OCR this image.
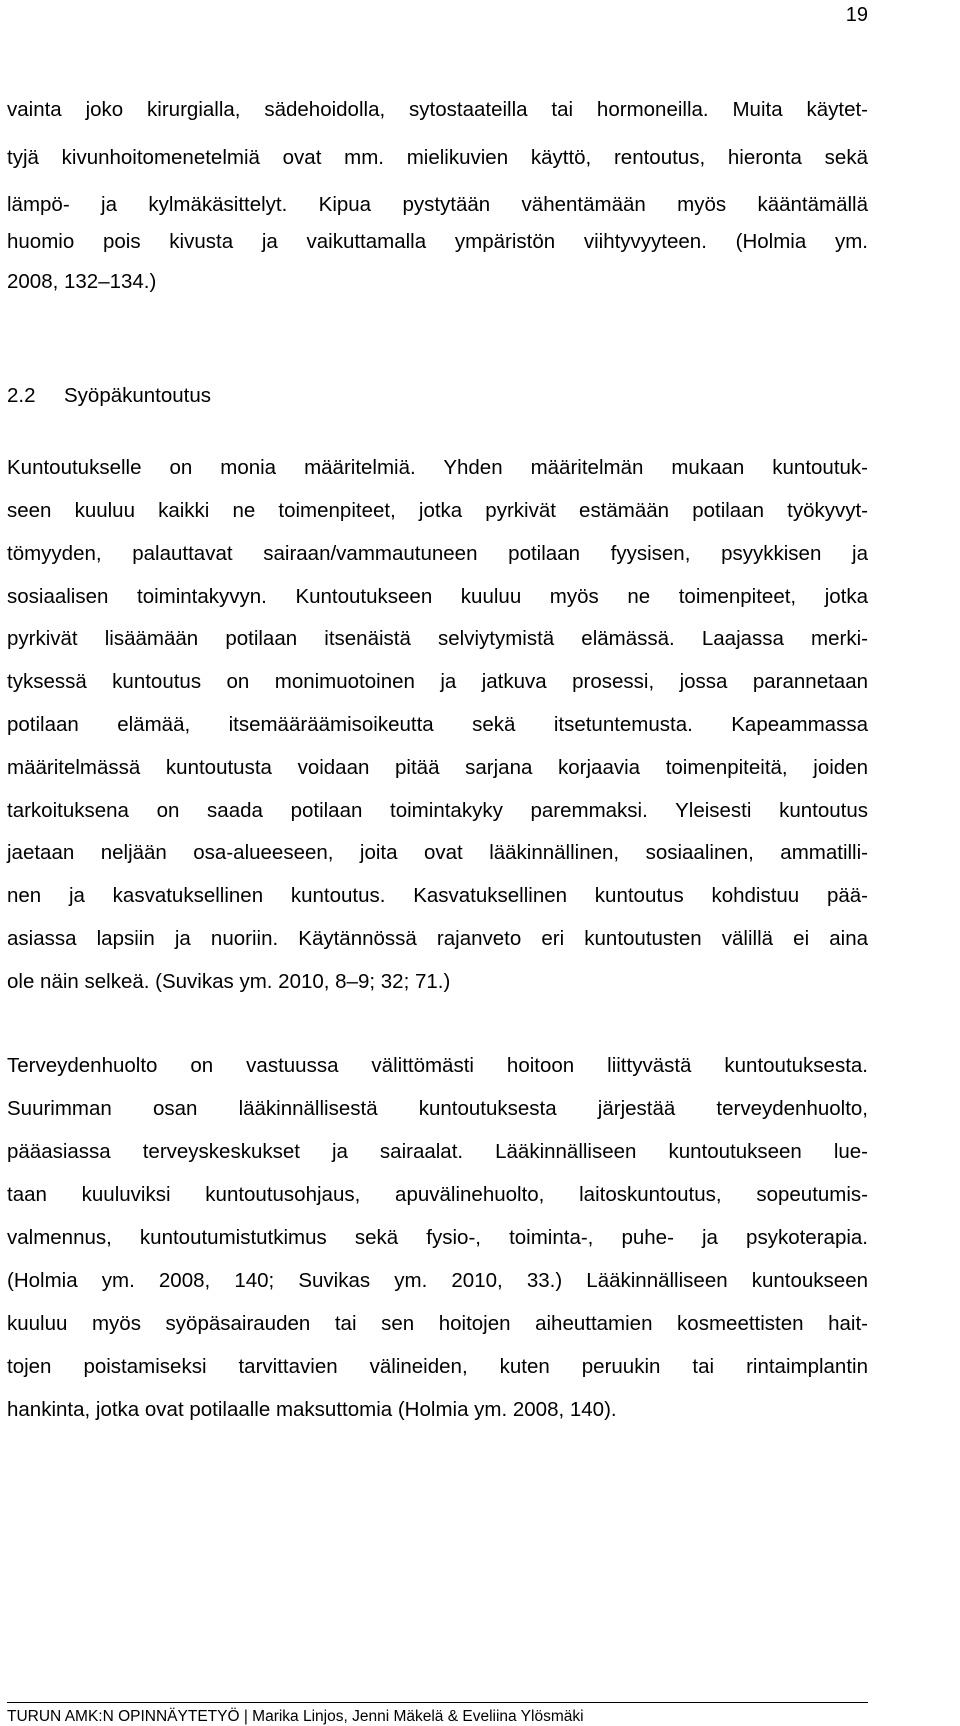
19
vainta joko kirurgialla, sädehoidolla, sytostaateilla tai hormoneilla. Muita käytet-
tyjä kivunhoitomenetelmiä ovat mm. mielikuvien käyttö, rentoutus, hieronta sekä
lämpö- ja kylmäkäsittelyt. Kipua pystytään vähentämään myös kääntämällä
huomio pois kivusta ja vaikuttamalla ympäristön viihtyvyyteen. (Holmia ym.
2008, 132–134.)
2.2 Syöpäkuntoutus
Kuntoutukselle on monia määritelmiä. Yhden määritelmän mukaan kuntoutuk-
seen kuuluu kaikki ne toimenpiteet, jotka pyrkivät estämään potilaan työkyvyt-
tömyyden, palauttavat sairaan/vammautuneen potilaan fyysisen, psyykkisen ja
sosiaalisen toimintakyvyn. Kuntoutukseen kuuluu myös ne toimenpiteet, jotka
pyrkivät lisäämään potilaan itsenäistä selviytymistä elämässä. Laajassa merki-
tyksessä kuntoutus on monimuotoinen ja jatkuva prosessi, jossa parannetaan
potilaan elämää, itsemääräämisoikeutta sekä itsetuntemusta. Kapeammassa
määritelmässä kuntoutusta voidaan pitää sarjana korjaavia toimenpiteitä, joiden
tarkoituksena on saada potilaan toimintakyky paremmaksi. Yleisesti kuntoutus
jaetaan neljään osa-alueeseen, joita ovat lääkinnällinen, sosiaalinen, ammatilli-
nen ja kasvatuksellinen kuntoutus. Kasvatuksellinen kuntoutus kohdistuu pää-
asiassa lapsiin ja nuoriin. Käytännössä rajanveto eri kuntoutusten välillä ei aina
ole näin selkeä. (Suvikas ym. 2010, 8–9; 32; 71.)
Terveydenhuolto on vastuussa välittömästi hoitoon liittyvästä kuntoutuksesta.
Suurimman osan lääkinnällisestä kuntoutuksesta järjestää terveydenhuolto,
pääasiassa terveyskeskukset ja sairaalat. Lääkinnälliseen kuntoutukseen lue-
taan kuuluviksi kuntoutusohjaus, apuvälinehuolto, laitoskuntoutus, sopeutumis-
valmennus, kuntoutumistutkimus sekä fysio-, toiminta-, puhe- ja psykoterapia.
(Holmia ym. 2008, 140; Suvikas ym. 2010, 33.) Lääkinnälliseen kuntoukseen
kuuluu myös syöpäsairauden tai sen hoitojen aiheuttamien kosmeettisten hait-
tojen poistamiseksi tarvittavien välineiden, kuten peruukin tai rintaimplantin
hankinta, jotka ovat potilaalle maksuttomia (Holmia ym. 2008, 140).
TURUN AMK:N OPINNÄYTETYÖ | Marika Linjos, Jenni Mäkelä & Eveliina Ylösmäki
